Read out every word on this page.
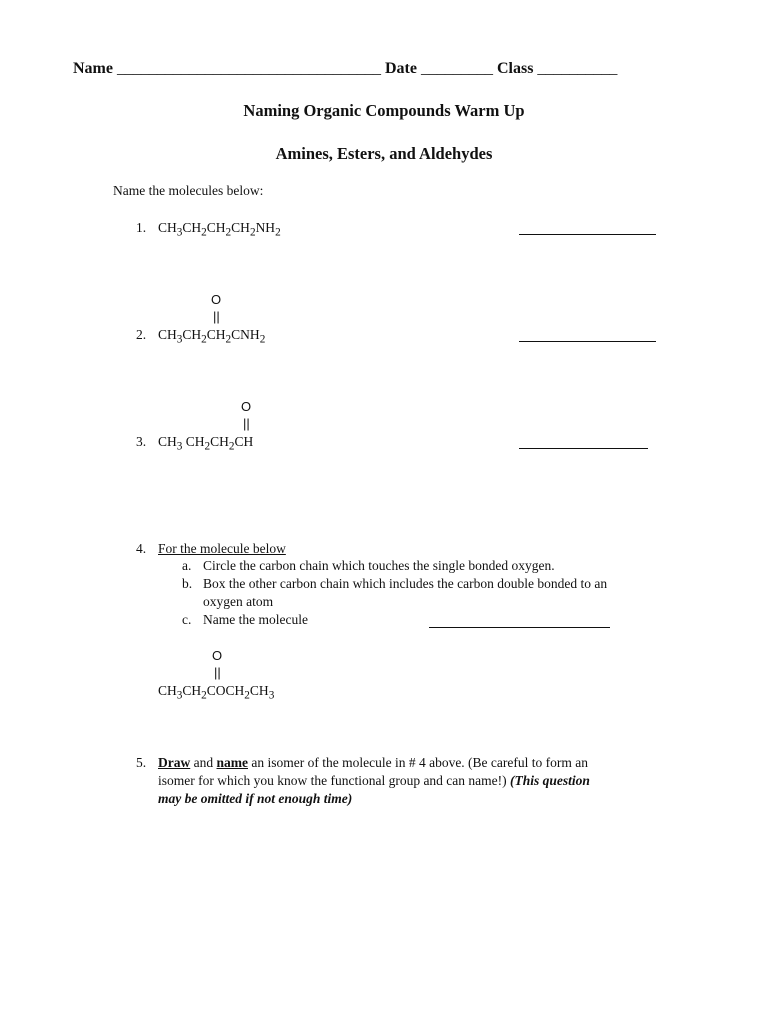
Name _________________________________ Date _________ Class __________
Naming Organic Compounds Warm Up
Amines, Esters, and Aldehydes
Name the molecules below:
1. $CH_3CH_2CH_2CH_2NH_2$
O
||
2. $CH_3CH_2CH_2CNH_2$
O
||
3. $CH_3$ $CH_2CH_2CH$
4. For the molecule below
a. Circle the carbon chain which touches the single bonded oxygen.
b. Box the other carbon chain which includes the carbon double bonded to an
oxygen atom
c. Name the molecule
O
||
$CH_3CH_2COCH_2CH_3$
5. Draw and name an isomer of the molecule in # 4 above. (Be careful to form an
isomer for which you know the functional group and can name!) (This question
may be omitted if not enough time)
